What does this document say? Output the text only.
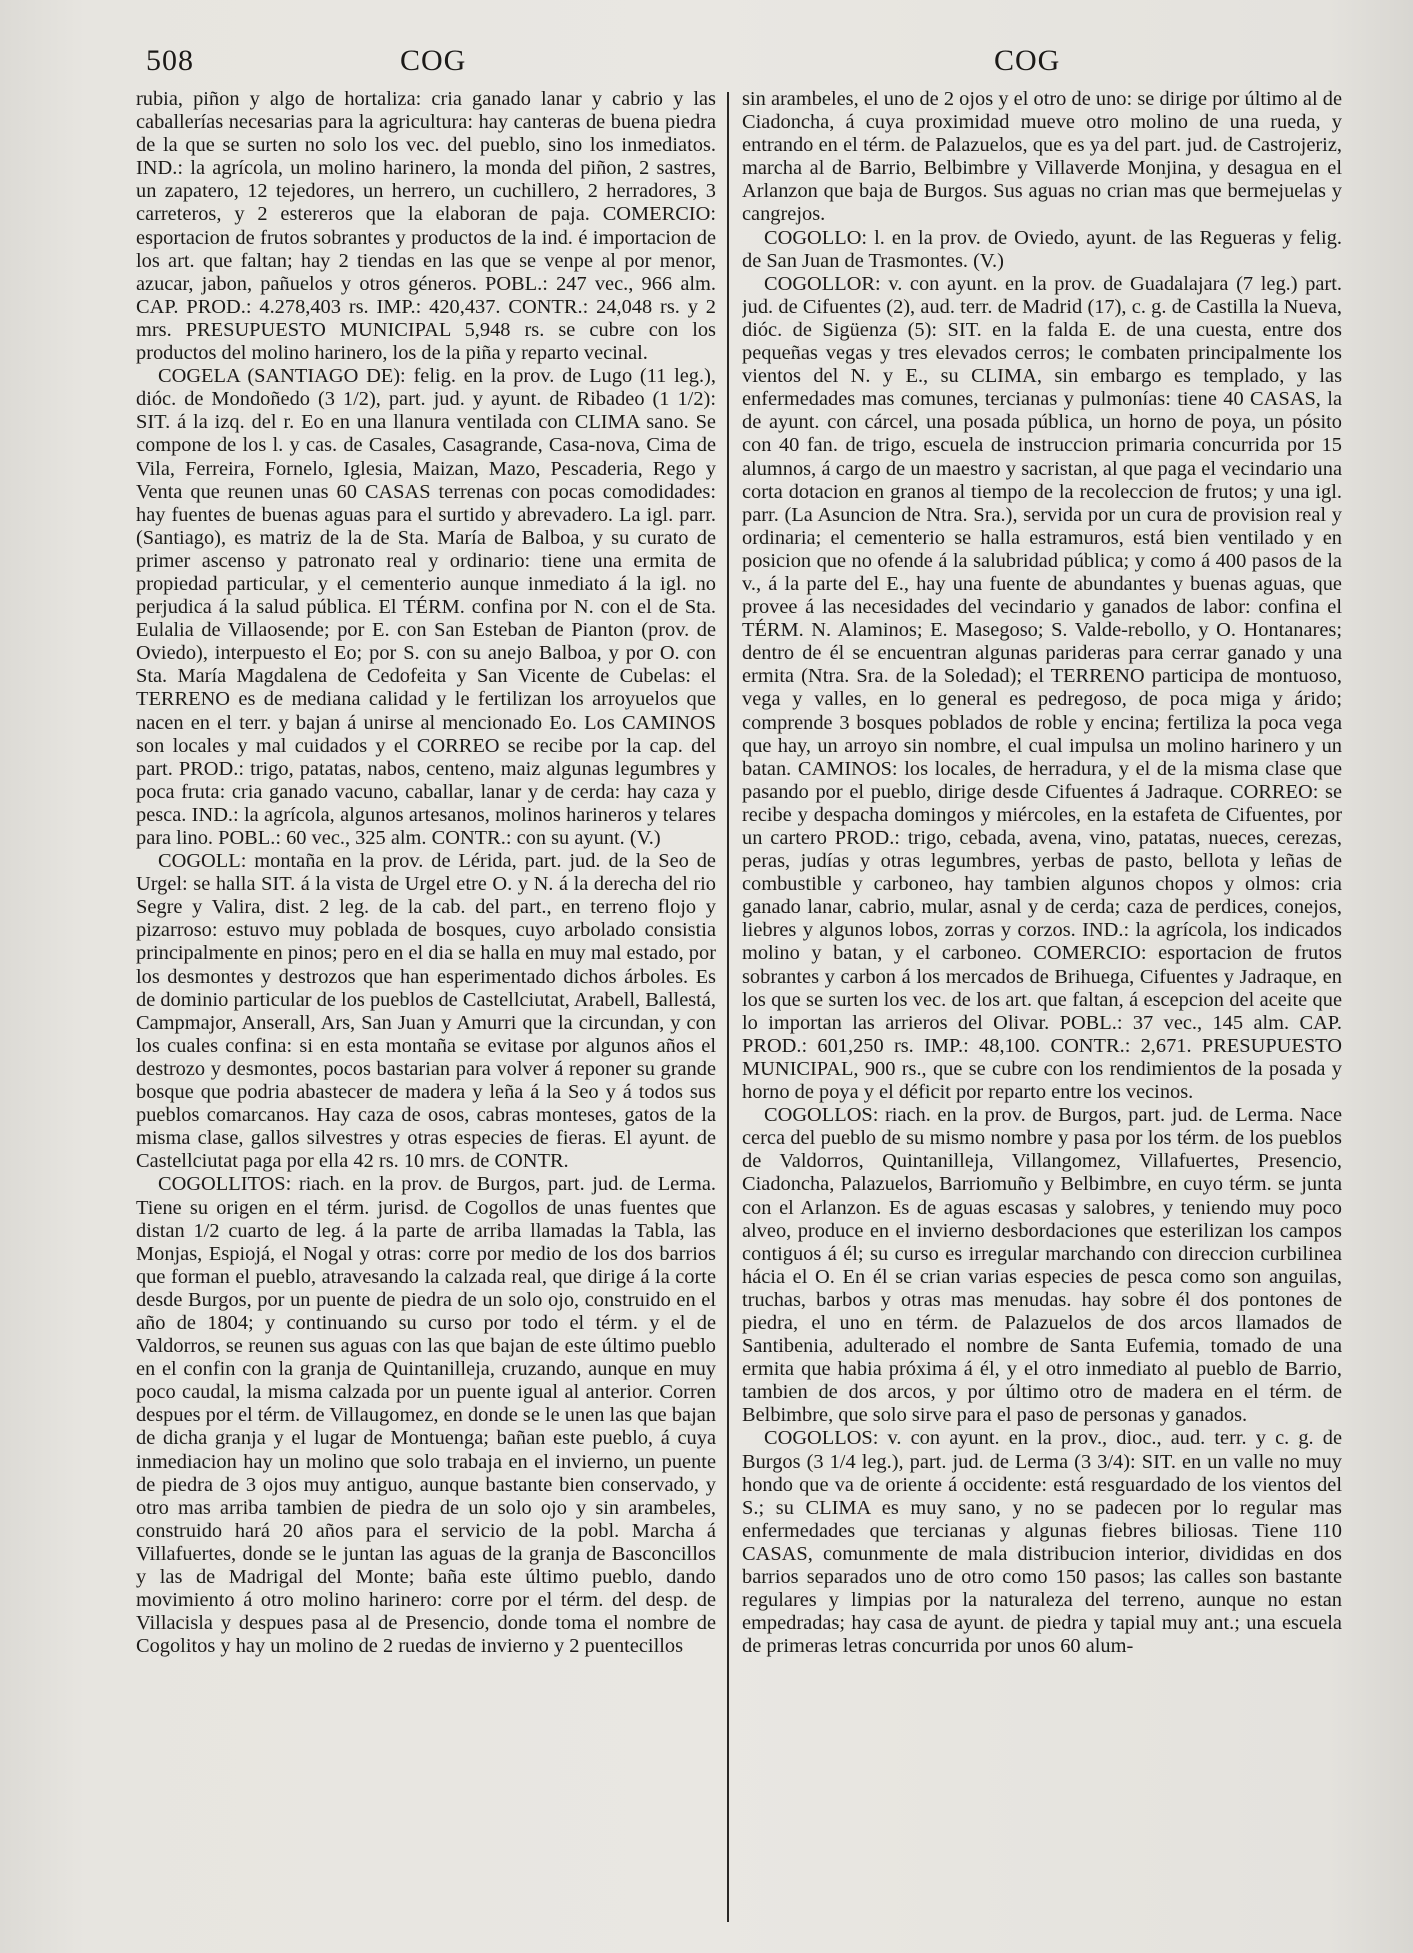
508	COG	COG

rubia, piñon y algo de hortaliza: cria ganado lanar y cabrio y las caballerías necesarias para la agricultura: hay canteras de buena piedra de la que se surten no solo los vec. del pueblo, sino los inmediatos. IND.: la agrícola, un molino harinero, la monda del piñon, 2 sastres, un zapatero, 12 tejedores, un herrero, un cuchillero, 2 herradores, 3 carreteros, y 2 estereros que la elaboran de paja. COMERCIO: esportacion de frutos sobrantes y productos de la ind. é importacion de los art. que faltan; hay 2 tiendas en las que se venpe al por menor, azucar, jabon, pañuelos y otros géneros. POBL.: 247 vec., 966 alm. CAP. PROD.: 4.278,403 rs. IMP.: 420,437. CONTR.: 24,048 rs. y 2 mrs. PRESUPUESTO MUNICIPAL 5,948 rs. se cubre con los productos del molino harinero, los de la piña y reparto vecinal.

COGELA (SANTIAGO DE): felig. en la prov. de Lugo (11 leg.), dióc. de Mondoñedo (3 1/2), part. jud. y ayunt. de Ribadeo (1 1/2): SIT. á la izq. del r. Eo en una llanura ventilada con CLIMA sano. Se compone de los l. y cas. de Casales, Casagrande, Casa-nova, Cima de Vila, Ferreira, Fornelo, Iglesia, Maizan, Mazo, Pescaderia, Rego y Venta que reunen unas 60 CASAS terrenas con pocas comodidades: hay fuentes de buenas aguas para el surtido y abrevadero. La igl. parr. (Santiago), es matriz de la de Sta. María de Balboa, y su curato de primer ascenso y patronato real y ordinario: tiene una ermita de propiedad particular, y el cementerio aunque inmediato á la igl. no perjudica á la salud pública. El TÉRM. confina por N. con el de Sta. Eulalia de Villaosende; por E. con San Esteban de Pianton (prov. de Oviedo), interpuesto el Eo; por S. con su anejo Balboa, y por O. con Sta. María Magdalena de Cedofeita y San Vicente de Cubelas: el TERRENO es de mediana calidad y le fertilizan los arroyuelos que nacen en el terr. y bajan á unirse al mencionado Eo. Los CAMINOS son locales y mal cuidados y el CORREO se recibe por la cap. del part. PROD.: trigo, patatas, nabos, centeno, maiz algunas legumbres y poca fruta: cria ganado vacuno, caballar, lanar y de cerda: hay caza y pesca. IND.: la agrícola, algunos artesanos, molinos harineros y telares para lino. POBL.: 60 vec., 325 alm. CONTR.: con su ayunt. (V.)

COGOLL: montaña en la prov. de Lérida, part. jud. de la Seo de Urgel: se halla SIT. á la vista de Urgel etre O. y N. á la derecha del rio Segre y Valira, dist. 2 leg. de la cab. del part., en terreno flojo y pizarroso: estuvo muy poblada de bosques, cuyo arbolado consistia principalmente en pinos; pero en el dia se halla en muy mal estado, por los desmontes y destrozos que han esperimentado dichos árboles. Es de dominio particular de los pueblos de Castellciutat, Arabell, Ballestá, Campmajor, Anserall, Ars, San Juan y Amurri que la circundan, y con los cuales confina: si en esta montaña se evitase por algunos años el destrozo y desmontes, pocos bastarian para volver á reponer su grande bosque que podria abastecer de madera y leña á la Seo y á todos sus pueblos comarcanos. Hay caza de osos, cabras monteses, gatos de la misma clase, gallos silvestres y otras especies de fieras. El ayunt. de Castellciutat paga por ella 42 rs. 10 mrs. de CONTR.

COGOLLITOS: riach. en la prov. de Burgos, part. jud. de Lerma. Tiene su origen en el térm. jurisd. de Cogollos de unas fuentes que distan 1/2 cuarto de leg. á la parte de arriba llamadas la Tabla, las Monjas, Espiojá, el Nogal y otras: corre por medio de los dos barrios que forman el pueblo, atravesando la calzada real, que dirige á la corte desde Burgos, por un puente de piedra de un solo ojo, construido en el año de 1804; y continuando su curso por todo el térm. y el de Valdorros, se reunen sus aguas con las que bajan de este último pueblo en el confin con la granja de Quintanilleja, cruzando, aunque en muy poco caudal, la misma calzada por un puente igual al anterior. Corren despues por el térm. de Villaugomez, en donde se le unen las que bajan de dicha granja y el lugar de Montuenga; bañan este pueblo, á cuya inmediacion hay un molino que solo trabaja en el invierno, un puente de piedra de 3 ojos muy antiguo, aunque bastante bien conservado, y otro mas arriba tambien de piedra de un solo ojo y sin arambeles, construido hará 20 años para el servicio de la pobl. Marcha á Villafuertes, donde se le juntan las aguas de la granja de Basconcillos y las de Madrigal del Monte; baña este último pueblo, dando movimiento á otro molino harinero: corre por el térm. del desp. de Villacisla y despues pasa al de Presencio, donde toma el nombre de Cogolitos y hay un molino de 2 ruedas de invierno y 2 puentecillos

sin arambeles, el uno de 2 ojos y el otro de uno: se dirige por último al de Ciadoncha, á cuya proximidad mueve otro molino de una rueda, y entrando en el térm. de Palazuelos, que es ya del part. jud. de Castrojeriz, marcha al de Barrio, Belbimbre y Villaverde Monjina, y desagua en el Arlanzon que baja de Burgos. Sus aguas no crian mas que bermejuelas y cangrejos.

COGOLLO: l. en la prov. de Oviedo, ayunt. de las Regueras y felig. de San Juan de Trasmontes. (V.)

COGOLLOR: v. con ayunt. en la prov. de Guadalajara (7 leg.) part. jud. de Cifuentes (2), aud. terr. de Madrid (17), c. g. de Castilla la Nueva, dióc. de Sigüenza (5): SIT. en la falda E. de una cuesta, entre dos pequeñas vegas y tres elevados cerros; le combaten principalmente los vientos del N. y E., su CLIMA, sin embargo es templado, y las enfermedades mas comunes, tercianas y pulmonías: tiene 40 CASAS, la de ayunt. con cárcel, una posada pública, un horno de poya, un pósito con 40 fan. de trigo, escuela de instruccion primaria concurrida por 15 alumnos, á cargo de un maestro y sacristan, al que paga el vecindario una corta dotacion en granos al tiempo de la recoleccion de frutos; y una igl. parr. (La Asuncion de Ntra. Sra.), servida por un cura de provision real y ordinaria; el cementerio se halla estramuros, está bien ventilado y en posicion que no ofende á la salubridad pública; y como á 400 pasos de la v., á la parte del E., hay una fuente de abundantes y buenas aguas, que provee á las necesidades del vecindario y ganados de labor: confina el TÉRM. N. Alaminos; E. Masegoso; S. Valde-rebollo, y O. Hontanares; dentro de él se encuentran algunas parideras para cerrar ganado y una ermita (Ntra. Sra. de la Soledad); el TERRENO participa de montuoso, vega y valles, en lo general es pedregoso, de poca miga y árido; comprende 3 bosques poblados de roble y encina; fertiliza la poca vega que hay, un arroyo sin nombre, el cual impulsa un molino harinero y un batan. CAMINOS: los locales, de herradura, y el de la misma clase que pasando por el pueblo, dirige desde Cifuentes á Jadraque. CORREO: se recibe y despacha domingos y miércoles, en la estafeta de Cifuentes, por un cartero PROD.: trigo, cebada, avena, vino, patatas, nueces, cerezas, peras, judías y otras legumbres, yerbas de pasto, bellota y leñas de combustible y carboneo, hay tambien algunos chopos y olmos: cria ganado lanar, cabrio, mular, asnal y de cerda; caza de perdices, conejos, liebres y algunos lobos, zorras y corzos. IND.: la agrícola, los indicados molino y batan, y el carboneo. COMERCIO: esportacion de frutos sobrantes y carbon á los mercados de Brihuega, Cifuentes y Jadraque, en los que se surten los vec. de los art. que faltan, á escepcion del aceite que lo importan las arrieros del Olivar. POBL.: 37 vec., 145 alm. CAP. PROD.: 601,250 rs. IMP.: 48,100. CONTR.: 2,671. PRESUPUESTO MUNICIPAL, 900 rs., que se cubre con los rendimientos de la posada y horno de poya y el déficit por reparto entre los vecinos.

COGOLLOS: riach. en la prov. de Burgos, part. jud. de Lerma. Nace cerca del pueblo de su mismo nombre y pasa por los térm. de los pueblos de Valdorros, Quintanilleja, Villangomez, Villafuertes, Presencio, Ciadoncha, Palazuelos, Barriomuño y Belbimbre, en cuyo térm. se junta con el Arlanzon. Es de aguas escasas y salobres, y teniendo muy poco alveo, produce en el invierno desbordaciones que esterilizan los campos contiguos á él; su curso es irregular marchando con direccion curbilinea hácia el O. En él se crian varias especies de pesca como son anguilas, truchas, barbos y otras mas menudas. hay sobre él dos pontones de piedra, el uno en térm. de Palazuelos de dos arcos llamados de Santibenia, adulterado el nombre de Santa Eufemia, tomado de una ermita que habia próxima á él, y el otro inmediato al pueblo de Barrio, tambien de dos arcos, y por último otro de madera en el térm. de Belbimbre, que solo sirve para el paso de personas y ganados.

COGOLLOS: v. con ayunt. en la prov., dioc., aud. terr. y c. g. de Burgos (3 1/4 leg.), part. jud. de Lerma (3 3/4): SIT. en un valle no muy hondo que va de oriente á occidente: está resguardado de los vientos del S.; su CLIMA es muy sano, y no se padecen por lo regular mas enfermedades que tercianas y algunas fiebres biliosas. Tiene 110 CASAS, comunmente de mala distribucion interior, divididas en dos barrios separados uno de otro como 150 pasos; las calles son bastante regulares y limpias por la naturaleza del terreno, aunque no estan empedradas; hay casa de ayunt. de piedra y tapial muy ant.; una escuela de primeras letras concurrida por unos 60 alum-
